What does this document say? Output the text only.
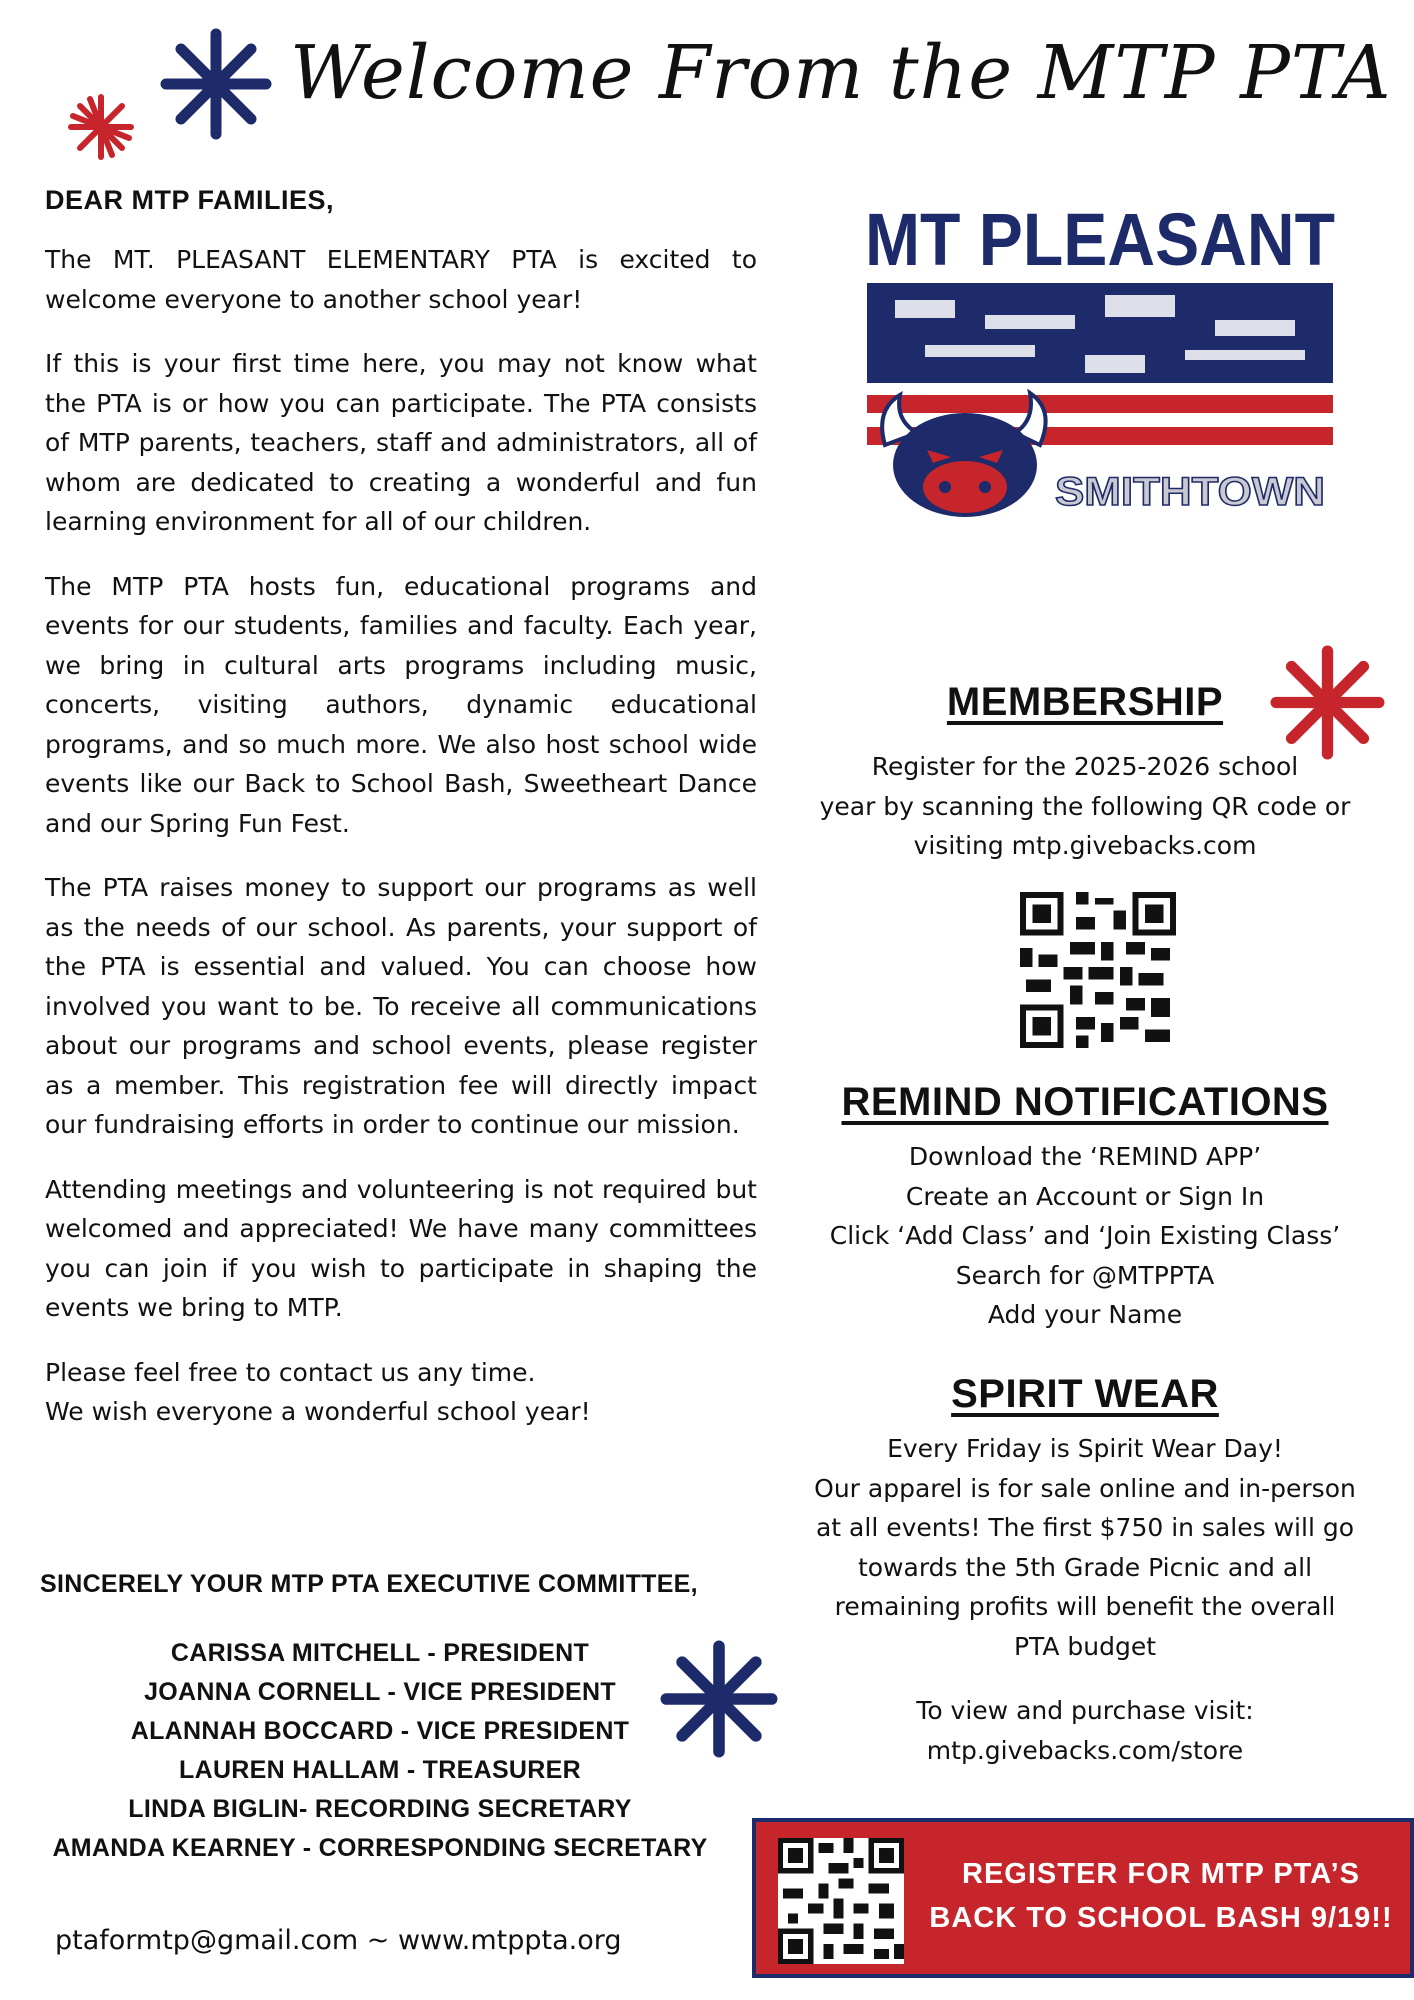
Welcome From the MTP PTA
DEAR MTP FAMILIES,

The MT. PLEASANT ELEMENTARY PTA is excited to welcome everyone to another school year!

If this is your first time here, you may not know what the PTA is or how you can participate. The PTA consists of MTP parents, teachers, staff and administrators, all of whom are dedicated to creating a wonderful and fun learning environment for all of our children.

The MTP PTA hosts fun, educational programs and events for our students, families and faculty. Each year, we bring in cultural arts programs including music, concerts, visiting authors, dynamic educational programs, and so much more. We also host school wide events like our Back to School Bash, Sweetheart Dance and our Spring Fun Fest.

The PTA raises money to support our programs as well as the needs of our school. As parents, your support of the PTA is essential and valued. You can choose how involved you want to be. To receive all communications about our programs and school events, please register as a member. This registration fee will directly impact our fundraising efforts in order to continue our mission.

Attending meetings and volunteering is not required but welcomed and appreciated! We have many committees you can join if you wish to participate in shaping the events we bring to MTP.

Please feel free to contact us any time.

We wish everyone a wonderful school year!

SINCERELY YOUR MTP PTA EXECUTIVE COMMITTEE,
CARISSA MITCHELL - PRESIDENT
JOANNA CORNELL - VICE PRESIDENT
ALANNAH BOCCARD - VICE PRESIDENT
LAUREN HALLAM - TREASURER
LINDA BIGLIN- RECORDING SECRETARY
AMANDA KEARNEY - CORRESPONDING SECRETARY
ptaformtp@gmail.com ~ www.mtppta.org
MT PLEASANT
SMITHTOWN
MEMBERSHIP
Register for the 2025-2026 school
year by scanning the following QR code or
visiting mtp.givebacks.com
REMIND NOTIFICATIONS
Download the ‘REMIND APP’
Create an Account or Sign In
Click ‘Add Class’ and ‘Join Existing Class’
Search for @MTPPTA
Add your Name
SPIRIT WEAR
Every Friday is Spirit Wear Day!
Our apparel is for sale online and in-person
at all events! The first $750 in sales will go
towards the 5th Grade Picnic and all
remaining profits will benefit the overall
PTA budget
To view and purchase visit:
mtp.givebacks.com/store
REGISTER FOR MTP PTA’S
BACK TO SCHOOL BASH 9/19!!
